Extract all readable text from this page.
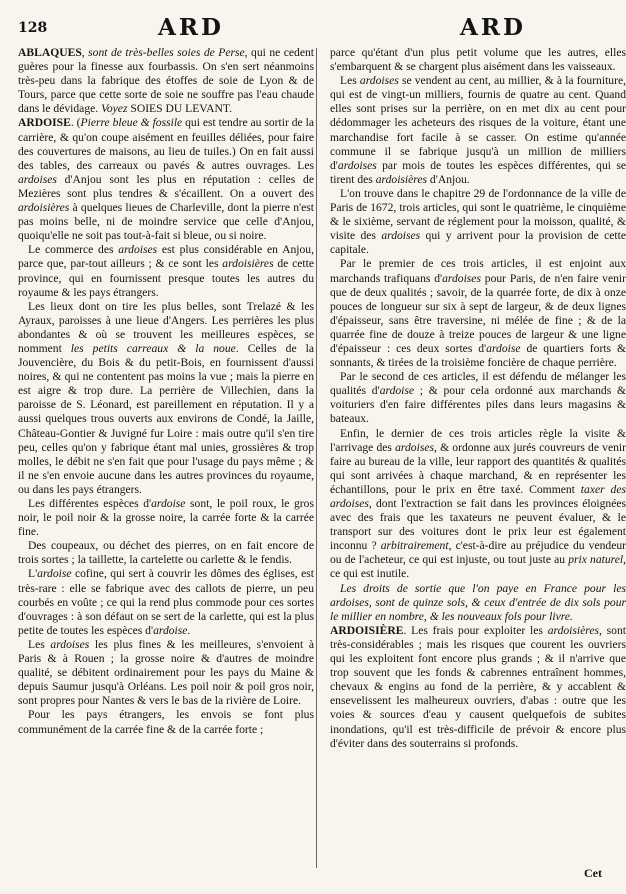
128	ARD	ARD

ABLAQUES, sont de très-belles soies de Perse, qui ne cedent guères pour la finesse aux fourbassis. On s'en sert néanmoins très-peu dans la fabrique des étoffes de soie de Lyon & de Tours, parce que cette sorte de soie ne souffre pas l'eau chaude dans le dévidage. Voyez SOIES DU LEVANT.

ARDOISE. (Pierre bleue & fossile qui est tendre au sortir de la carrière, & qu'on coupe aisément en feuilles déliées, pour faire des couvertures de maisons, au lieu de tuiles.) On en fait aussi des tables, des carreaux ou pavés & autres ouvrages. Les ardoises d'Anjou sont les plus en réputation : celles de Mezières sont plus tendres & s'écaillent. On a ouvert des ardoisières à quelques lieues de Charleville, dont la pierre n'est pas moins belle, ni de moindre service que celle d'Anjou, quoiqu'elle ne soit pas tout-à-fait si bleue, ou si noire.

Le commerce des ardoises est plus considérable en Anjou, parce que, par-tout ailleurs ; & ce sont les ardoisières de cette province, qui en fournissent presque toutes les autres du royaume & les pays étrangers.

Les lieux dont on tire les plus belles, sont Trelazé & les Ayraux, paroisses à une lieue d'Angers. Les perrières les plus abondantes & où se trouvent les meilleures espèces, se nomment les petits carreaux & la noue. Celles de la Jouvencière, du Bois & du petit-Bois, en fournissent d'aussi noires, & qui ne contentent pas moins la vue ; mais la pierre en est aigre & trop dure. La perrière de Villechien, dans la paroisse de S. Léonard, est pareillement en réputation. Il y a aussi quelques trous ouverts aux environs de Condé, la Jaille, Château-Gontier & Juvigné fur Loire : mais outre qu'il s'en tire peu, celles qu'on y fabrique étant mal unies, grossières & trop molles, le débit ne s'en fait que pour l'usage du pays même ; & il ne s'en envoie aucune dans les autres provinces du royaume, ou dans les pays étrangers.

Les différentes espèces d'ardoise sont, le poil roux, le gros noir, le poil noir & la grosse noire, la carrée forte & la carrée fine.

Des coupeaux, ou déchet des pierres, on en fait encore de trois sortes ; la taillette, la cartelette ou carlette & le fendis.

L'ardoise cofine, qui sert à couvrir les dômes des églises, est très-rare : elle se fabrique avec des callots de pierre, un peu courbés en voûte ; ce qui la rend plus commode pour ces sortes d'ouvrages : à son défaut on se sert de la carlette, qui est la plus petite de toutes les espèces d'ardoise.

Les ardoises les plus fines & les meilleures, s'envoient à Paris & à Rouen ; la grosse noire & d'autres de moindre qualité, se débitent ordinairement pour les pays du Maine & depuis Saumur jusqu'à Orléans. Les poil noir & poil gros noir, sont propres pour Nantes & vers le bas de la rivière de Loire.

Pour les pays étrangers, les envois se font plus communément de la carrée fine & de la carrée forte ;

parce qu'étant d'un plus petit volume que les autres, elles s'embarquent & se chargent plus aisément dans les vaisseaux.

Les ardoises se vendent au cent, au millier, & à la fourniture, qui est de vingt-un milliers, fournis de quatre au cent. Quand elles sont prises sur la perrière, on en met dix au cent pour dédommager les acheteurs des risques de la voiture, étant une marchandise fort facile à se casser. On estime qu'année commune il se fabrique jusqu'à un million de milliers d'ardoises par mois de toutes les espèces différentes, qui se tirent des ardoisières d'Anjou.

L'on trouve dans le chapitre 29 de l'ordonnance de la ville de Paris de 1672, trois articles, qui sont le quatrième, le cinquième & le sixième, servant de réglement pour la moisson, qualité, & visite des ardoises qui y arrivent pour la provision de cette capitale.

Par le premier de ces trois articles, il est enjoint aux marchands trafiquans d'ardoises pour Paris, de n'en faire venir que de deux qualités ; savoir, de la quarrée forte, de dix à onze pouces de longueur sur six à sept de largeur, & de deux lignes d'épaisseur, sans être traversine, ni mélée de fine ; & de la quarrée fine de douze à treize pouces de largeur & une ligne d'épaisseur : ces deux sortes d'ardoise de quartiers forts & sonnants, & tirées de la troisième foncière de chaque perrière.

Par le second de ces articles, il est défendu de mélanger les qualités d'ardoise ; & pour cela ordonné aux marchands & voituriers d'en faire différentes piles dans leurs magasins & bateaux.

Enfin, le dernier de ces trois articles règle la visite & l'arrivage des ardoises, & ordonne aux jurés couvreurs de venir faire au bureau de la ville, leur rapport des quantités & qualités qui sont arrivées à chaque marchand, & en représenter les échantillons, pour le prix en être taxé. Comment taxer des ardoises, dont l'extraction se fait dans les provinces éloignées avec des frais que les taxateurs ne peuvent évaluer, & le transport sur des voitures dont le prix leur est également inconnu ? arbitrairement, c'est-à-dire au préjudice du vendeur ou de l'acheteur, ce qui est injuste, ou tout juste au prix naturel, ce qui est inutile.

Les droits de sortie que l'on paye en France pour les ardoises, sont de quinze sols, & ceux d'entrée de dix sols pour le millier en nombre, & les nouveaux fols pour livre.

ARDOISIÈRE. Les frais pour exploiter les ardoisières, sont très-considérables ; mais les risques que courent les ouvriers qui les exploitent font encore plus grands ; & il n'arrive que trop souvent que les fonds & cabrennes entraînent hommes, chevaux & engins au fond de la perrière, & y accablent & ensevelissent les malheureux ouvriers, d'abas : outre que les voies & sources d'eau y causent quelquefois de subites inondations, qu'il est très-difficile de prévoir & encore plus d'éviter dans des souterrains si profonds.

Cet
